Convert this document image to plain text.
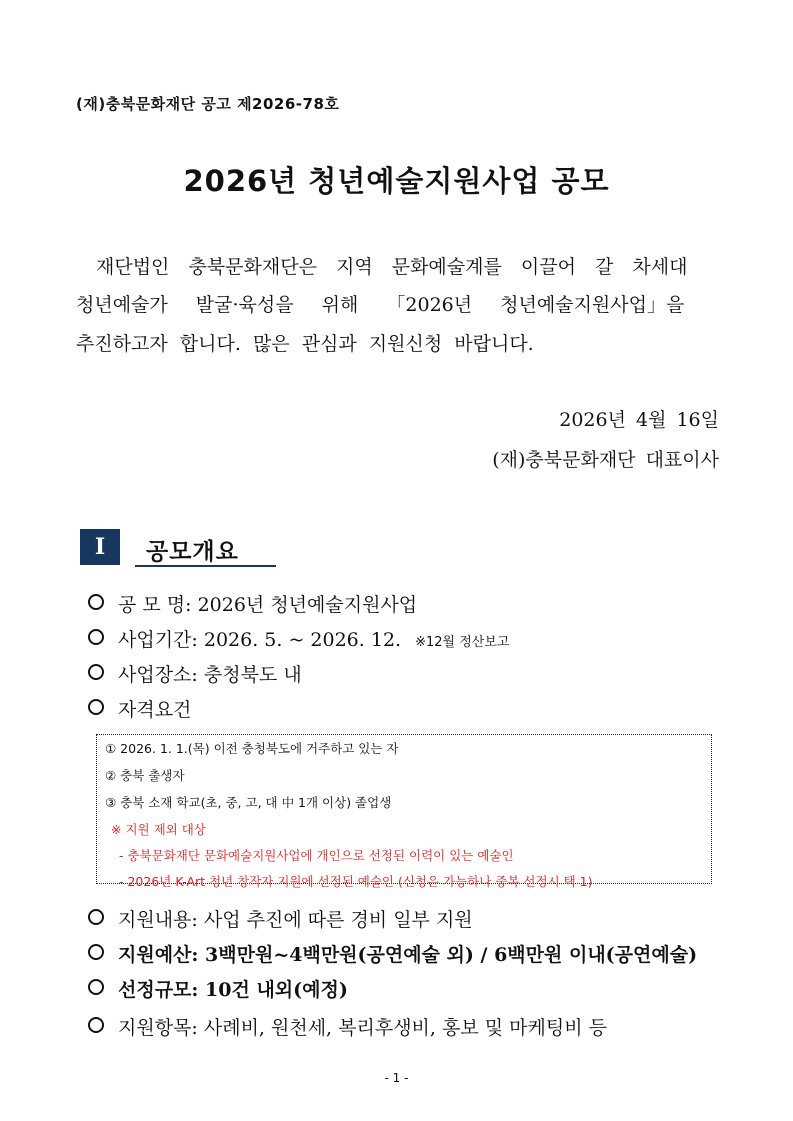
(재)충북문화재단 공고 제2026-78호
2026년 청년예술지원사업 공모
재단법인 충북문화재단은 지역 문화예술계를 이끌어 갈 차세대
청년예술가 발굴·육성을 위해 「2026년 청년예술지원사업」을
추진하고자 합니다. 많은 관심과 지원신청 바랍니다.
2026년 4월 16일
(재)충북문화재단 대표이사
I	공모개요
공 모 명: 2026년 청년예술지원사업
사업기간: 2026. 5. ~ 2026. 12. ※12월 정산보고
사업장소: 충청북도 내
자격요건
① 2026. 1. 1.(목) 이전 충청북도에 거주하고 있는 자
② 충북 출생자
③ 충북 소재 학교(초, 중, 고, 대 中 1개 이상) 졸업생
※ 지원 제외 대상
- 충북문화재단 문화예술지원사업에 개인으로 선정된 이력이 있는 예술인
- 2026년 K-Art 청년 창작자 지원에 선정된 예술인 (신청은 가능하나 중복 선정시 택 1)
지원내용: 사업 추진에 따른 경비 일부 지원
지원예산: 3백만원~4백만원(공연예술 외) / 6백만원 이내(공연예술)
선정규모: 10건 내외(예정)
지원항목: 사례비, 원천세, 복리후생비, 홍보 및 마케팅비 등
- 1 -
